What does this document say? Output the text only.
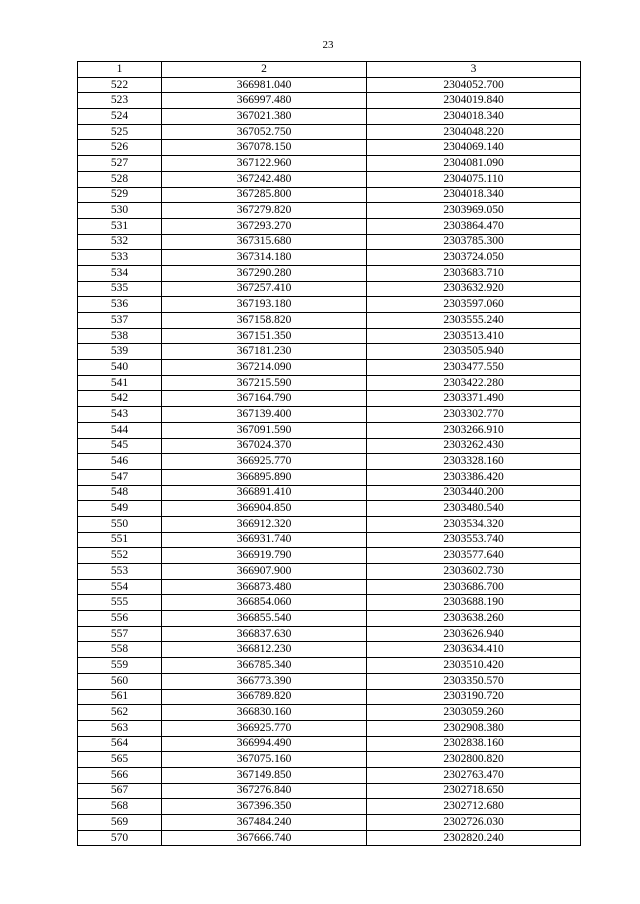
23
1	2	3
522	366981.040	2304052.700
523	366997.480	2304019.840
524	367021.380	2304018.340
525	367052.750	2304048.220
526	367078.150	2304069.140
527	367122.960	2304081.090
528	367242.480	2304075.110
529	367285.800	2304018.340
530	367279.820	2303969.050
531	367293.270	2303864.470
532	367315.680	2303785.300
533	367314.180	2303724.050
534	367290.280	2303683.710
535	367257.410	2303632.920
536	367193.180	2303597.060
537	367158.820	2303555.240
538	367151.350	2303513.410
539	367181.230	2303505.940
540	367214.090	2303477.550
541	367215.590	2303422.280
542	367164.790	2303371.490
543	367139.400	2303302.770
544	367091.590	2303266.910
545	367024.370	2303262.430
546	366925.770	2303328.160
547	366895.890	2303386.420
548	366891.410	2303440.200
549	366904.850	2303480.540
550	366912.320	2303534.320
551	366931.740	2303553.740
552	366919.790	2303577.640
553	366907.900	2303602.730
554	366873.480	2303686.700
555	366854.060	2303688.190
556	366855.540	2303638.260
557	366837.630	2303626.940
558	366812.230	2303634.410
559	366785.340	2303510.420
560	366773.390	2303350.570
561	366789.820	2303190.720
562	366830.160	2303059.260
563	366925.770	2302908.380
564	366994.490	2302838.160
565	367075.160	2302800.820
566	367149.850	2302763.470
567	367276.840	2302718.650
568	367396.350	2302712.680
569	367484.240	2302726.030
570	367666.740	2302820.240
